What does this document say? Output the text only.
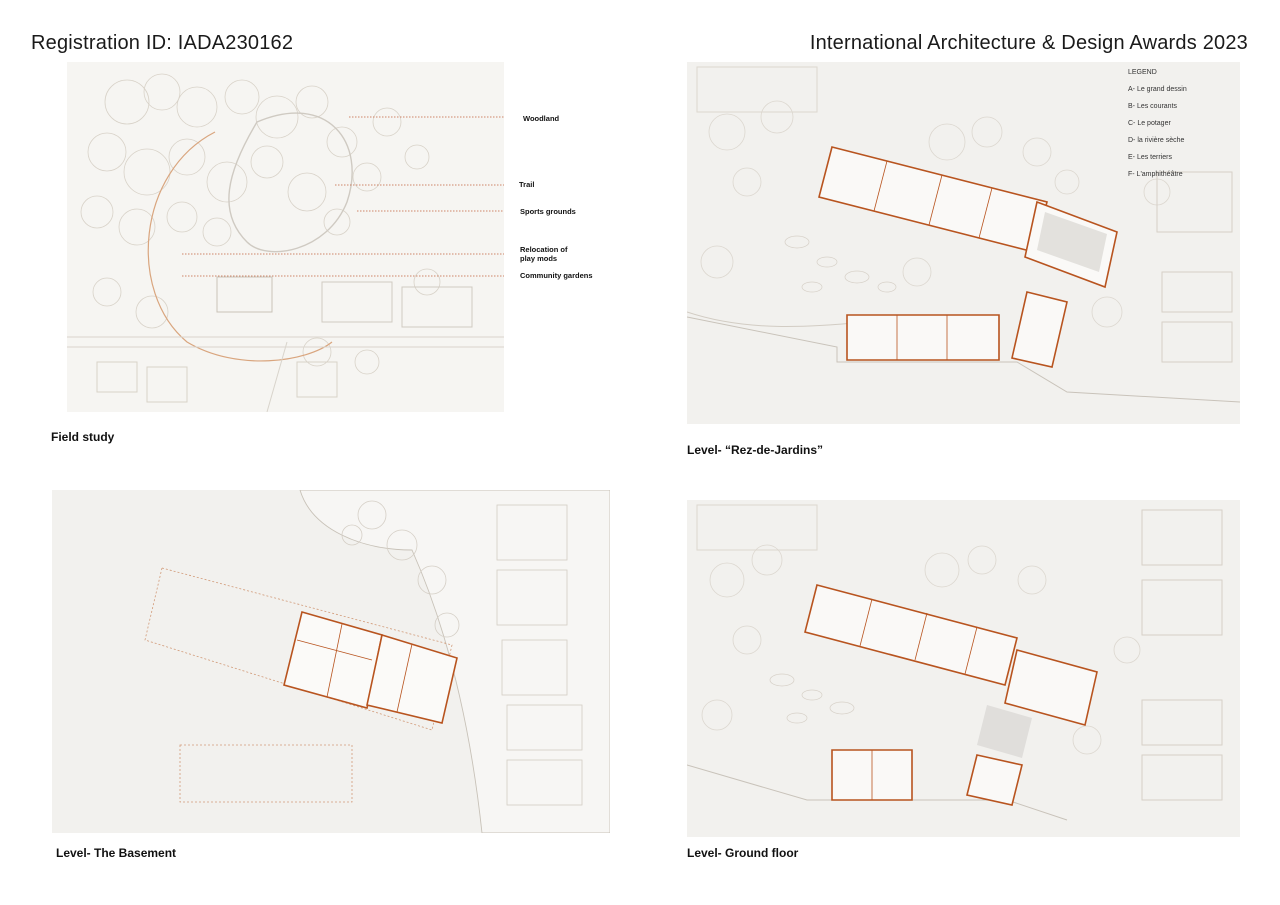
Registration ID: IADA230162	International Architecture & Design Awards 2023
Woodland
Trail
Sports grounds
Relocation of play mods
Community gardens
Field study
LEGEND
A- Le grand dessin
B- Les courants
C- Le potager
D- la rivière sèche
E- Les terriers
F- L'amphithéâtre
Level- “Rez-de-Jardins”
Level- The Basement	Level- Ground floor
